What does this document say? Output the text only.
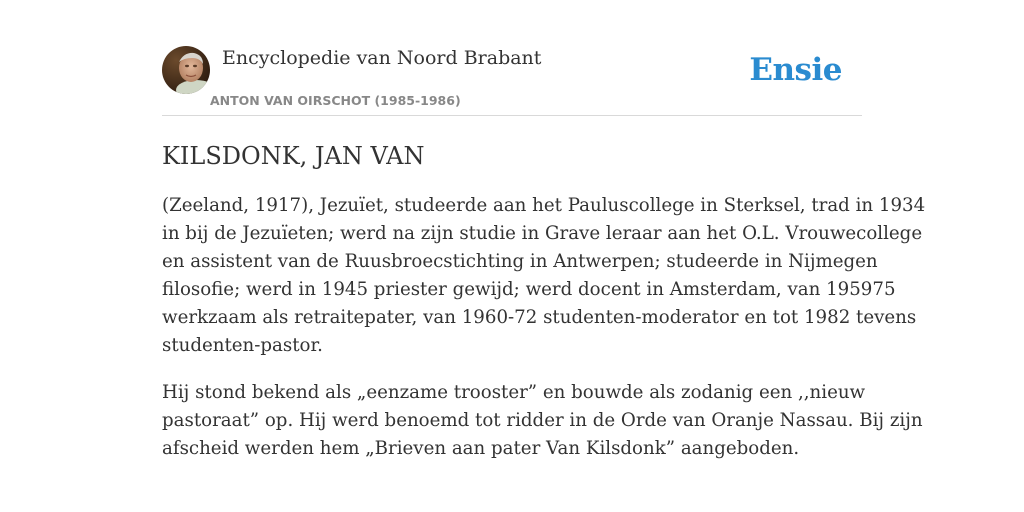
Encyclopedie van Noord Brabant
ANTON VAN OIRSCHOT (1985-1986)
Ensie
KILSDONK, JAN VAN

(Zeeland, 1917), Jezuïet, studeerde aan het Pauluscollege in Sterksel, trad in 1934
in bij de Jezuïeten; werd na zijn studie in Grave leraar aan het O.L. Vrouwecollege
en assistent van de Ruusbroecstichting in Antwerpen; studeerde in Nijmegen
filosofie; werd in 1945 priester gewijd; werd docent in Amsterdam, van 195975
werkzaam als retraitepater, van 1960-72 studenten-moderator en tot 1982 tevens
studenten-pastor.

Hij stond bekend als „eenzame trooster” en bouwde als zodanig een ,,nieuw
pastoraat” op. Hij werd benoemd tot ridder in de Orde van Oranje Nassau. Bij zijn
afscheid werden hem „Brieven aan pater Van Kilsdonk” aangeboden.
